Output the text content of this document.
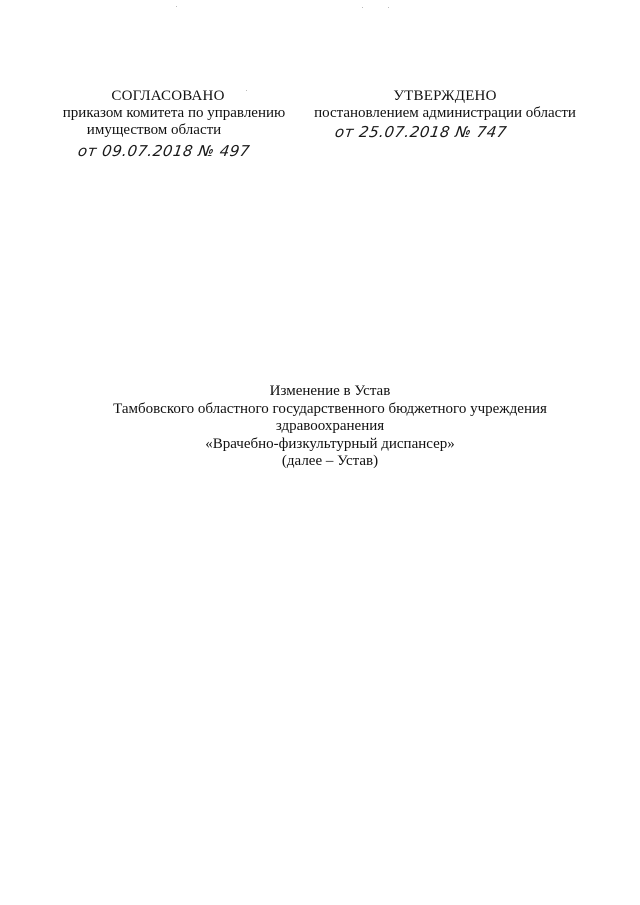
СОГЛАСОВАНО
приказом комитета по управлению
имуществом области
от 09.07.2018 № 497
УТВЕРЖДЕНО
постановлением администрации области
от 25.07.2018 № 747
Изменение в Устав
Тамбовского областного государственного бюджетного учреждения
здравоохранения
«Врачебно-физкультурный диспансер»
(далее – Устав)
